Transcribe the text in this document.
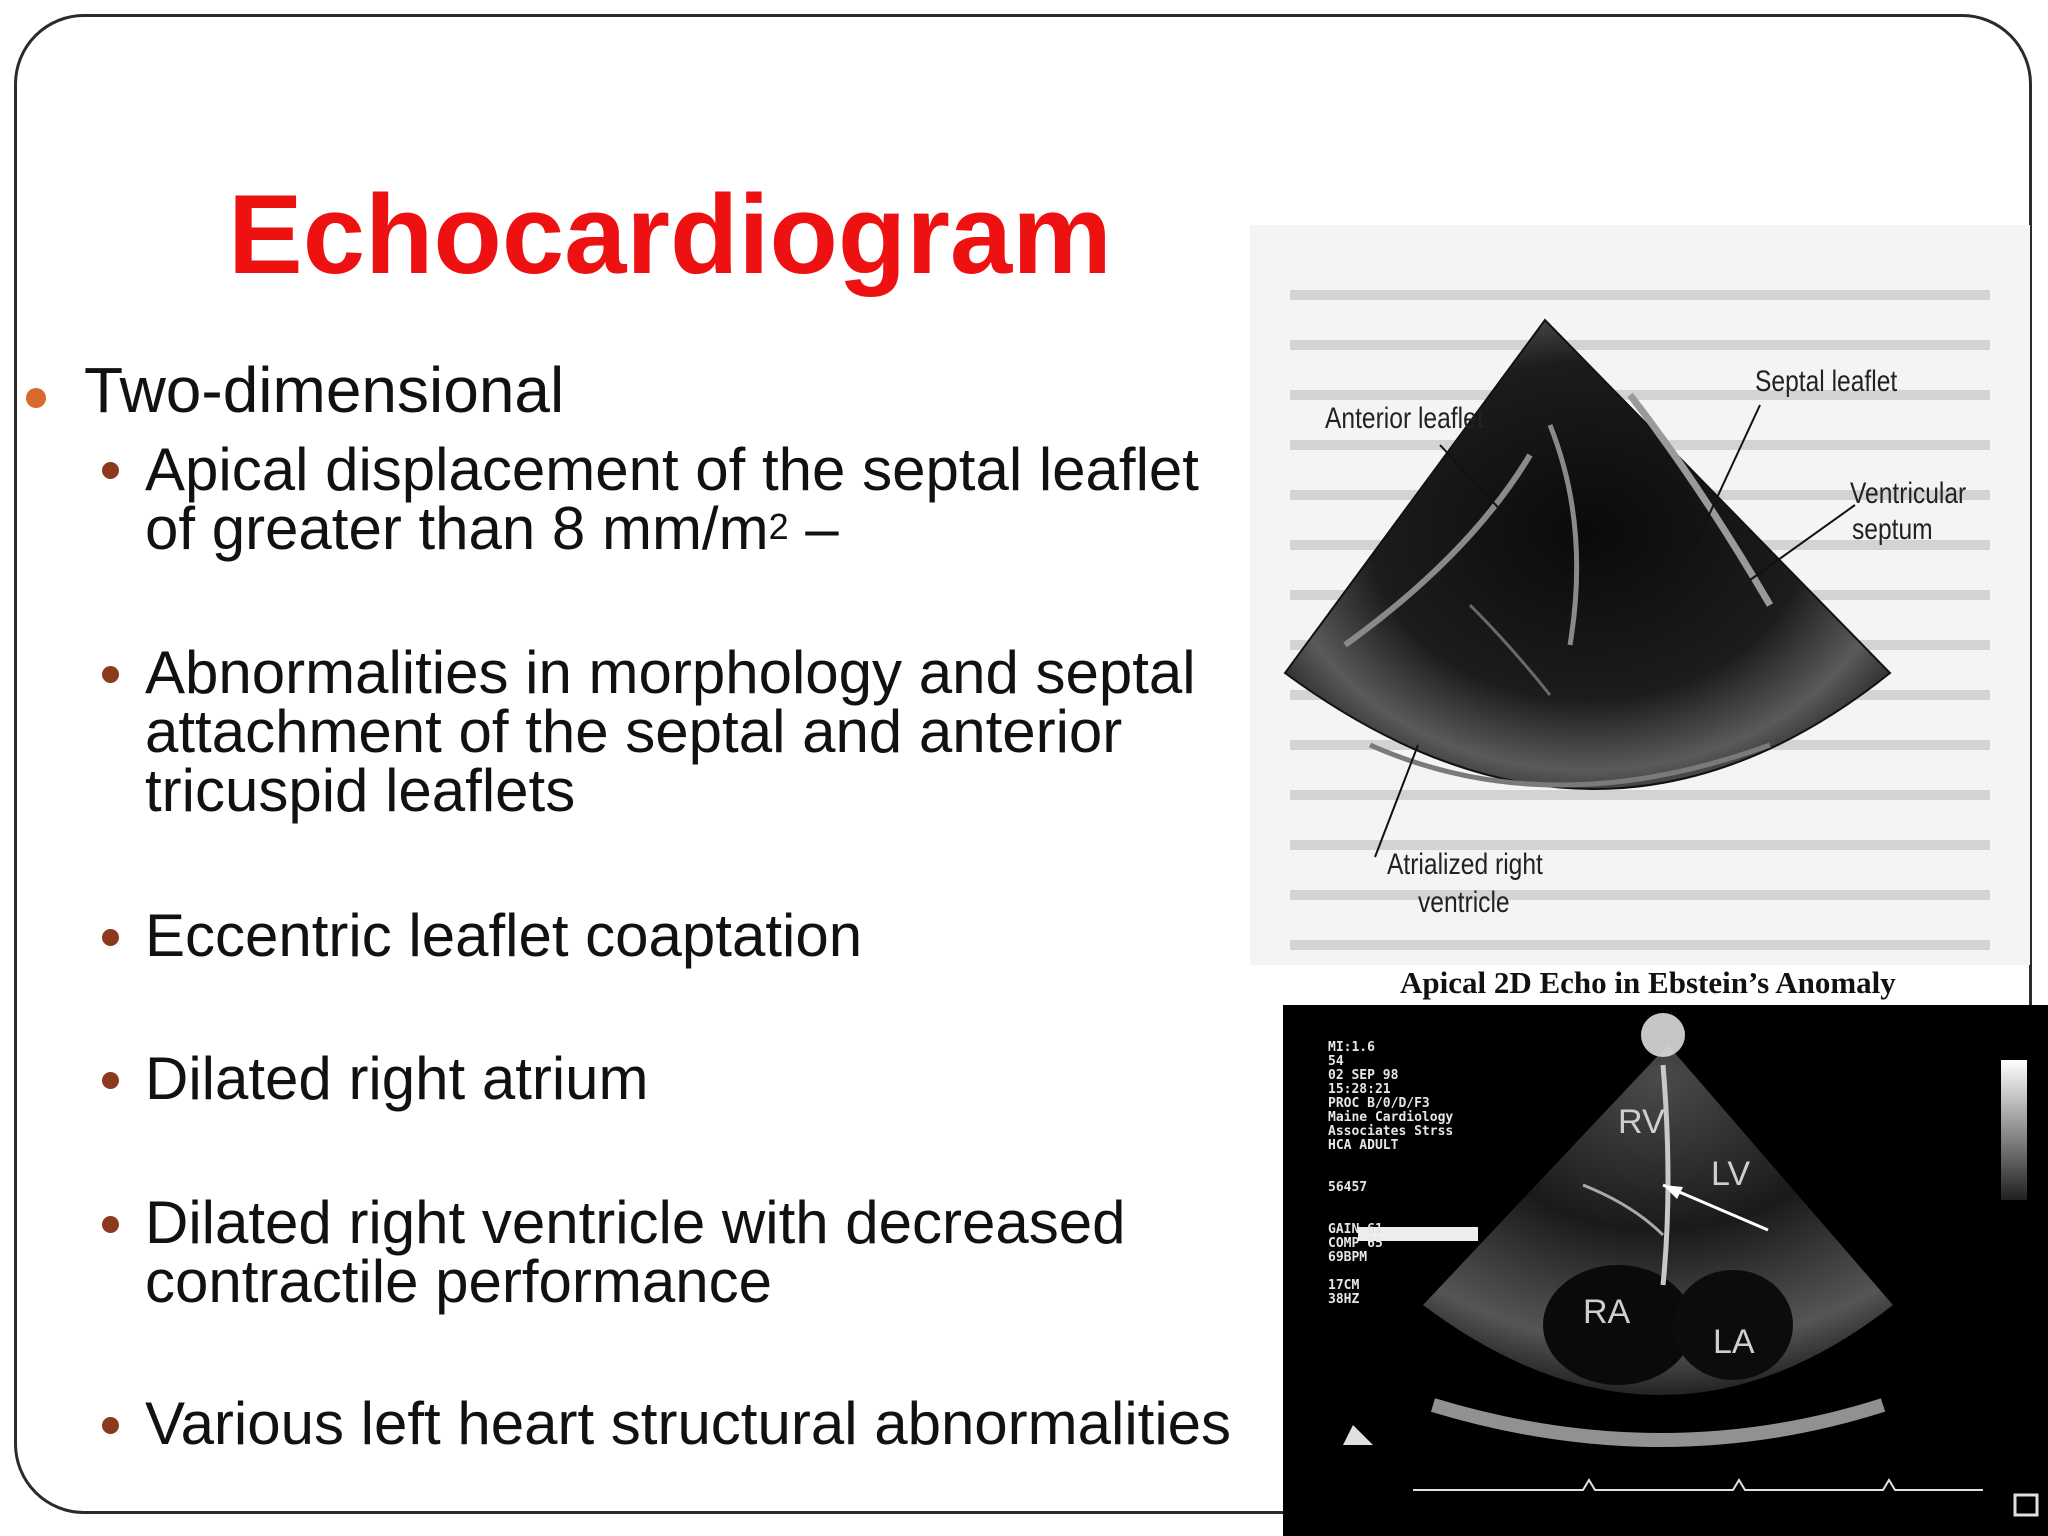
Echocardiogram
Two-dimensional
Apical displacement of the septal leaflet
of greater than 8 $mm/m^2$ –
Abnormalities in morphology and septal
attachment of the septal and anterior
tricuspid leaflets
Eccentric leaflet coaptation
Dilated right atrium
Dilated right ventricle with decreased
contractile performance
Various left heart structural abnormalities
Anterior leaflet
Septal leaflet
Ventricular
septum
Atrialized right
ventricle
Apical 2D Echo in Ebstein’s Anomaly
MI:1.6
54
02 SEP 98
15:28:21
PROC B/0/D/F3
Maine Cardiology
Associates Strss
HCA ADULT

56457

GAIN 61
COMP 65
69BPM

17CM
38HZ
RV
LV
RA
LA
